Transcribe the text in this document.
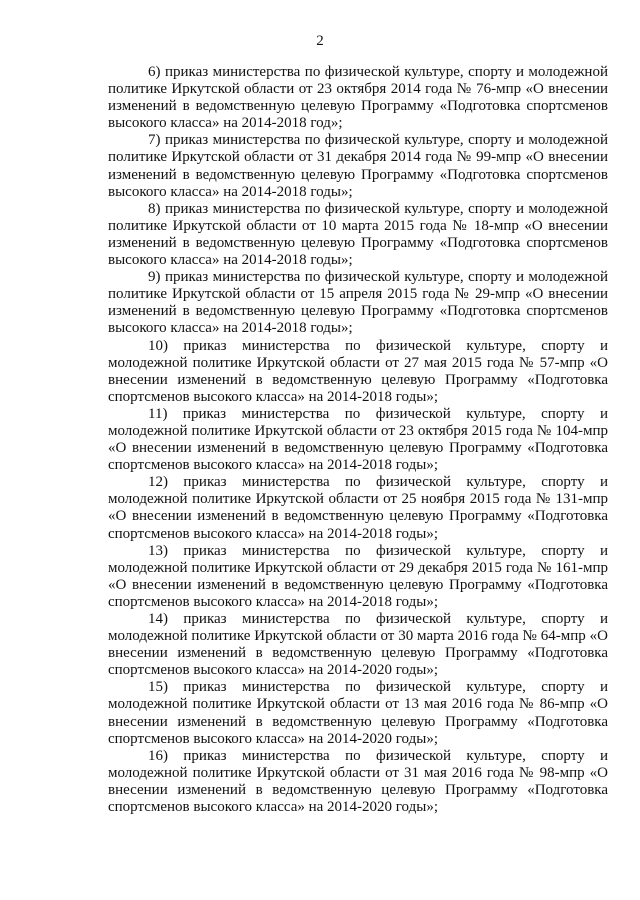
2

6) приказ министерства по физической культуре, спорту и молодежной политике Иркутской области от 23 октября 2014 года № 76-мпр «О внесении изменений в ведомственную целевую Программу «Подготовка спортсменов высокого класса» на 2014-2018 год»;

7) приказ министерства по физической культуре, спорту и молодежной политике Иркутской области от 31 декабря 2014 года № 99-мпр «О внесении изменений в ведомственную целевую Программу «Подготовка спортсменов высокого класса» на 2014-2018 годы»;

8) приказ министерства по физической культуре, спорту и молодежной политике Иркутской области от 10 марта 2015 года № 18-мпр «О внесении изменений в ведомственную целевую Программу «Подготовка спортсменов высокого класса» на 2014-2018 годы»;

9) приказ министерства по физической культуре, спорту и молодежной политике Иркутской области от 15 апреля 2015 года № 29-мпр «О внесении изменений в ведомственную целевую Программу «Подготовка спортсменов высокого класса» на 2014-2018 годы»;

10) приказ министерства по физической культуре, спорту и молодежной политике Иркутской области от 27 мая 2015 года № 57-мпр «О внесении изменений в ведомственную целевую Программу «Подготовка спортсменов высокого класса» на 2014-2018 годы»;

11) приказ министерства по физической культуре, спорту и молодежной политике Иркутской области от 23 октября 2015 года № 104-мпр «О внесении изменений в ведомственную целевую Программу «Подготовка спортсменов высокого класса» на 2014-2018 годы»;

12) приказ министерства по физической культуре, спорту и молодежной политике Иркутской области от 25 ноября 2015 года № 131-мпр «О внесении изменений в ведомственную целевую Программу «Подготовка спортсменов высокого класса» на 2014-2018 годы»;

13) приказ министерства по физической культуре, спорту и молодежной политике Иркутской области от 29 декабря 2015 года № 161-мпр «О внесении изменений в ведомственную целевую Программу «Подготовка спортсменов высокого класса» на 2014-2018 годы»;

14) приказ министерства по физической культуре, спорту и молодежной политике Иркутской области от 30 марта 2016 года № 64-мпр «О внесении изменений в ведомственную целевую Программу «Подготовка спортсменов высокого класса» на 2014-2020 годы»;

15) приказ министерства по физической культуре, спорту и молодежной политике Иркутской области от 13 мая 2016 года № 86-мпр «О внесении изменений в ведомственную целевую Программу «Подготовка спортсменов высокого класса» на 2014-2020 годы»;

16) приказ министерства по физической культуре, спорту и молодежной политике Иркутской области от 31 мая 2016 года № 98-мпр «О внесении изменений в ведомственную целевую Программу «Подготовка спортсменов высокого класса» на 2014-2020 годы»;
